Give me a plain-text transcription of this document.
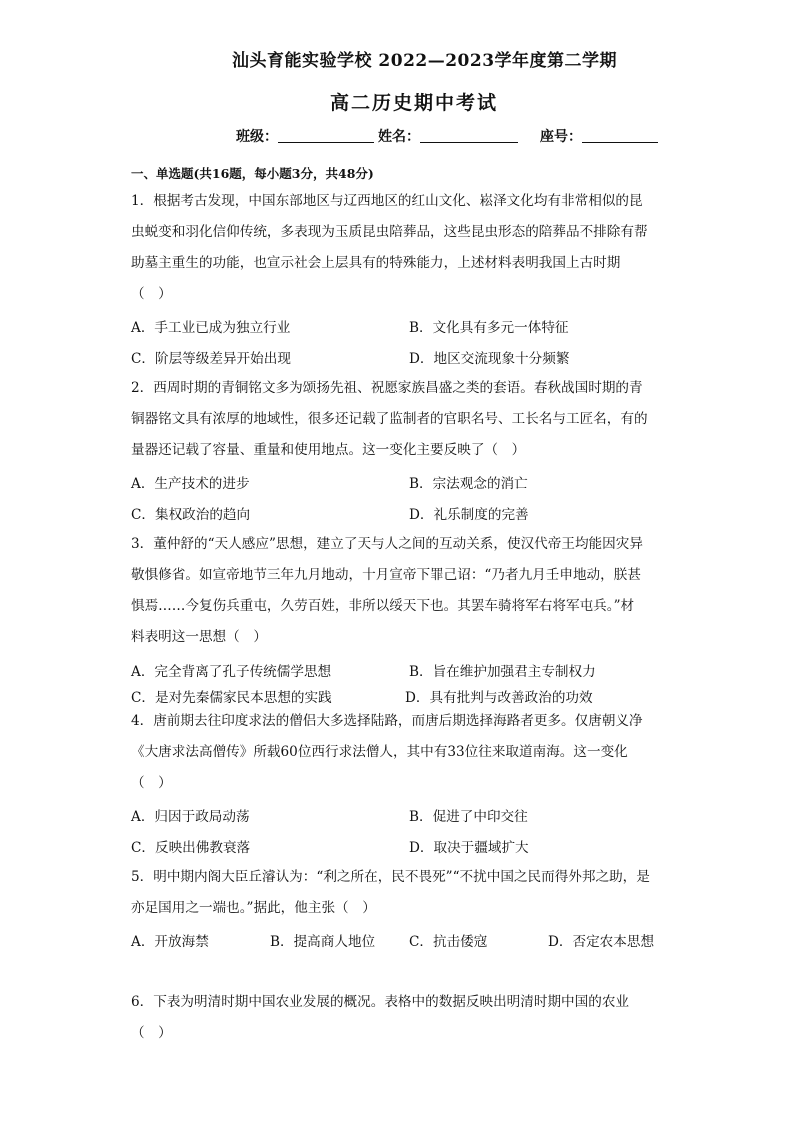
汕头育能实验学校 2022—2023学年度第二学期
高二历史期中考试
班级：	姓名：	座号：
一、单选题(共16题，每小题3分，共48分)
1．根据考古发现，中国东部地区与辽西地区的红山文化、崧泽文化均有非常相似的昆
虫蜕变和羽化信仰传统，多表现为玉质昆虫陪葬品，这些昆虫形态的陪葬品不排除有帮
助墓主重生的功能，也宣示社会上层具有的特殊能力，上述材料表明我国上古时期
（　）
A．手工业已成为独立行业	B．文化具有多元一体特征
C．阶层等级差异开始出现	D．地区交流现象十分频繁
2．西周时期的青铜铭文多为颂扬先祖、祝愿家族昌盛之类的套语。春秋战国时期的青
铜器铭文具有浓厚的地域性，很多还记载了监制者的官职名号、工长名与工匠名，有的
量器还记载了容量、重量和使用地点。这一变化主要反映了（　）
A．生产技术的进步	B．宗法观念的消亡
C．集权政治的趋向	D．礼乐制度的完善
3．董仲舒的“天人感应”思想，建立了天与人之间的互动关系，使汉代帝王均能因灾异
敬惧修省。如宣帝地节三年九月地动，十月宣帝下罪己诏：“乃者九月壬申地动，朕甚
惧焉……今复伤兵重屯，久劳百姓，非所以绥天下也。其罢车骑将军右将军屯兵。”材
料表明这一思想（　）
A．完全背离了孔子传统儒学思想	B．旨在维护加强君主专制权力
C．是对先秦儒家民本思想的实践	D．具有批判与改善政治的功效
4．唐前期去往印度求法的僧侣大多选择陆路，而唐后期选择海路者更多。仅唐朝义净
《大唐求法高僧传》所载60位西行求法僧人，其中有33位往来取道南海。这一变化
（　）
A．归因于政局动荡	B．促进了中印交往
C．反映出佛教衰落	D．取决于疆域扩大
5．明中期内阁大臣丘濬认为：“利之所在，民不畏死”“不扰中国之民而得外邦之助，是
亦足国用之一端也。”据此，他主张（　）
A．开放海禁	B．提高商人地位 C．抗击倭寇	D．否定农本思想
6．下表为明清时期中国农业发展的概况。表格中的数据反映出明清时期中国的农业
（　）
